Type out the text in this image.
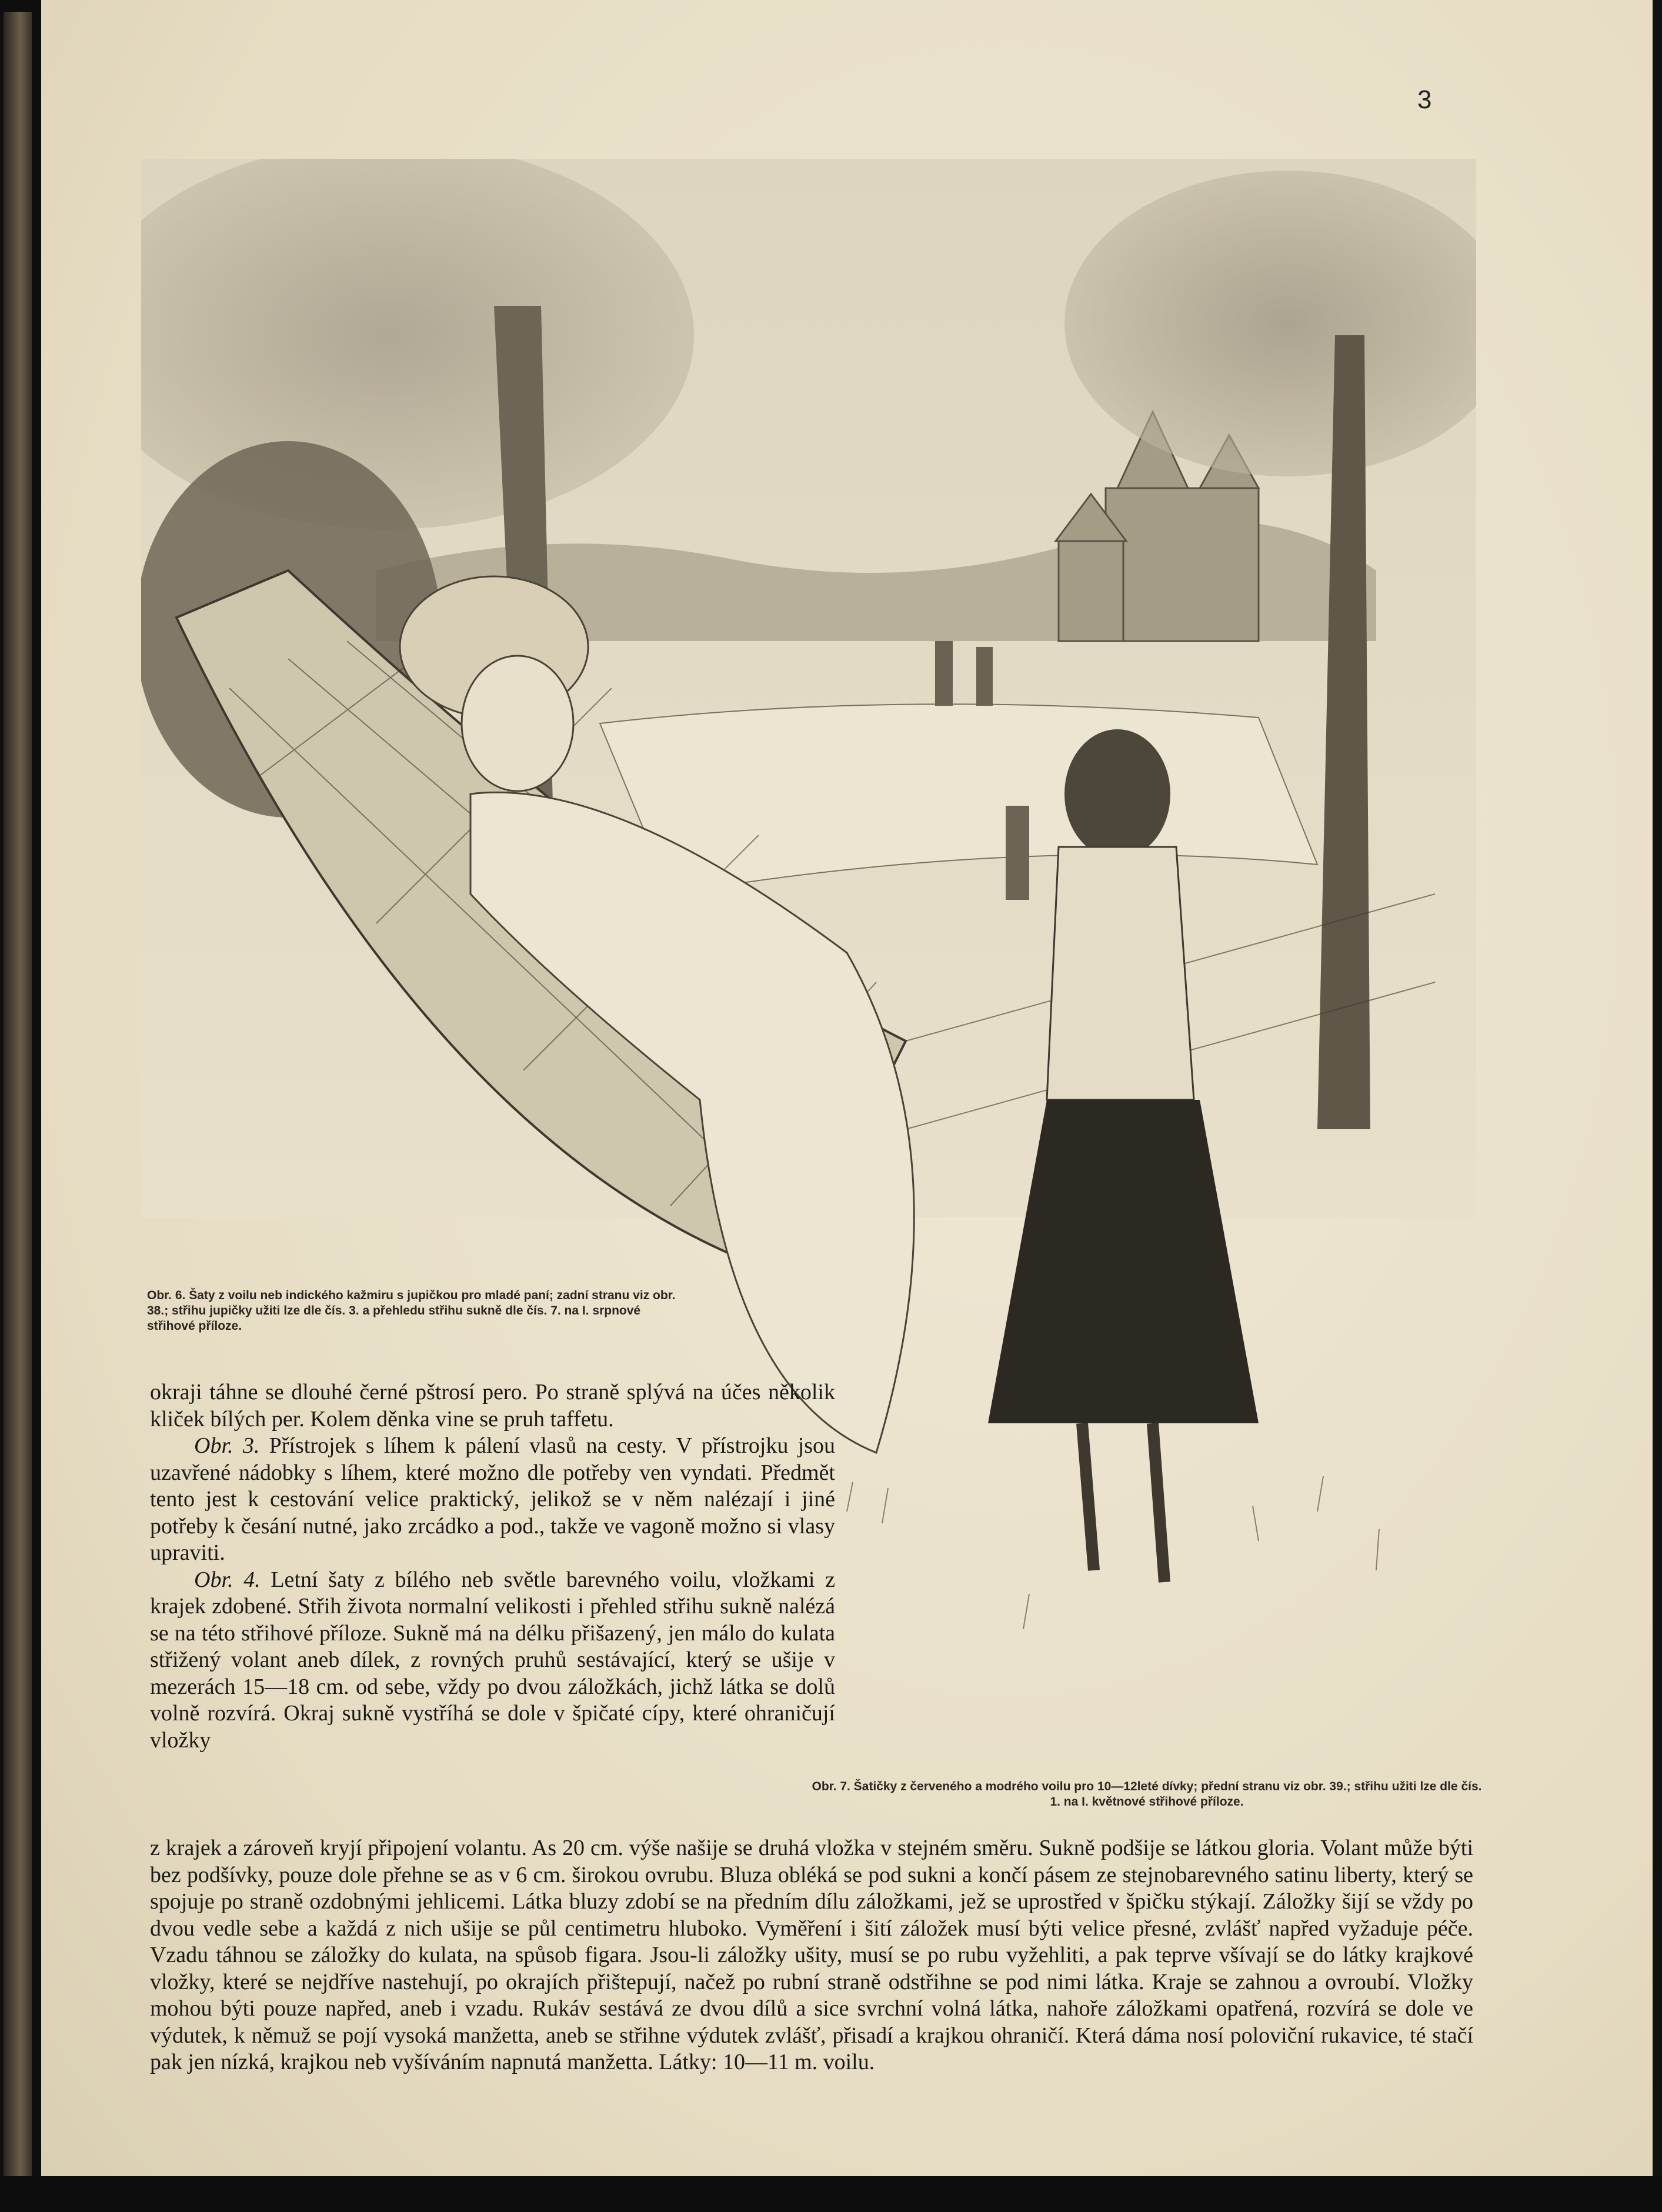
3
Obr. 6. Šaty z voilu neb indického kažmiru s jupičkou pro mladé paní; zadní stranu viz obr. 38.; střihu jupičky užiti lze dle čís. 3. a přehledu střihu sukně dle čís. 7. na I. srpnové střihové příloze.
Obr. 7. Šatičky z červeného a modrého voilu pro 10—12leté dívky; přední stranu viz obr. 39.; střihu užiti lze dle čís. 1. na I. květnové střihové příloze.

okraji táhne se dlouhé černé pštrosí pero. Po straně splývá na účes několik kliček bílých per. Kolem děnka vine se pruh taffetu.

Obr. 3. Přístrojek s líhem k pálení vlasů na cesty. V přístrojku jsou uzavřené nádobky s líhem, které možno dle potřeby ven vyndati. Předmět tento jest k cestování velice praktický, jelikož se v něm nalézají i jiné potřeby k česání nutné, jako zrcádko a pod., takže ve vagoně možno si vlasy upraviti.

Obr. 4. Letní šaty z bílého neb světle barevného voilu, vložkami z krajek zdobené. Střih života normalní velikosti i přehled střihu sukně nalézá se na této střihové příloze. Sukně má na délku přišazený, jen málo do kulata střižený volant aneb dílek, z rovných pruhů sestávající, který se ušije v mezerách 15—18 cm. od sebe, vždy po dvou záložkách, jichž látka se dolů volně rozvírá. Okraj sukně vystříhá se dole v špičaté cípy, které ohraničují vložky

z krajek a zároveň kryjí připojení volantu. As 20 cm. výše našije se druhá vložka v stejném směru. Sukně podšije se látkou gloria. Volant může býti bez podšívky, pouze dole přehne se as v 6 cm. širokou ovrubu. Bluza obléká se pod sukni a končí pásem ze stejnobarevného satinu liberty, který se spojuje po straně ozdobnými jehlicemi. Látka bluzy zdobí se na předním dílu záložkami, jež se uprostřed v špičku stýkají. Záložky šijí se vždy po dvou vedle sebe a každá z nich ušije se půl centimetru hluboko. Vyměření i šití záložek musí býti velice přesné, zvlášť napřed vyžaduje péče. Vzadu táhnou se záložky do kulata, na spůsob figara. Jsou-li záložky ušity, musí se po rubu vyžehliti, a pak teprve všívají se do látky krajkové vložky, které se nejdříve nastehují, po okrajích přištepují, načež po rubní straně odstřihne se pod nimi látka. Kraje se zahnou a ovroubí. Vložky mohou býti pouze napřed, aneb i vzadu. Rukáv sestává ze dvou dílů a sice svrchní volná látka, nahoře záložkami opatřená, rozvírá se dole ve výdutek, k němuž se pojí vysoká manžetta, aneb se střihne výdutek zvlášť, přisadí a krajkou ohraničí. Která dáma nosí poloviční rukavice, té stačí pak jen nízká, krajkou neb vyšíváním napnutá manžetta. Látky: 10—11 m. voilu.
